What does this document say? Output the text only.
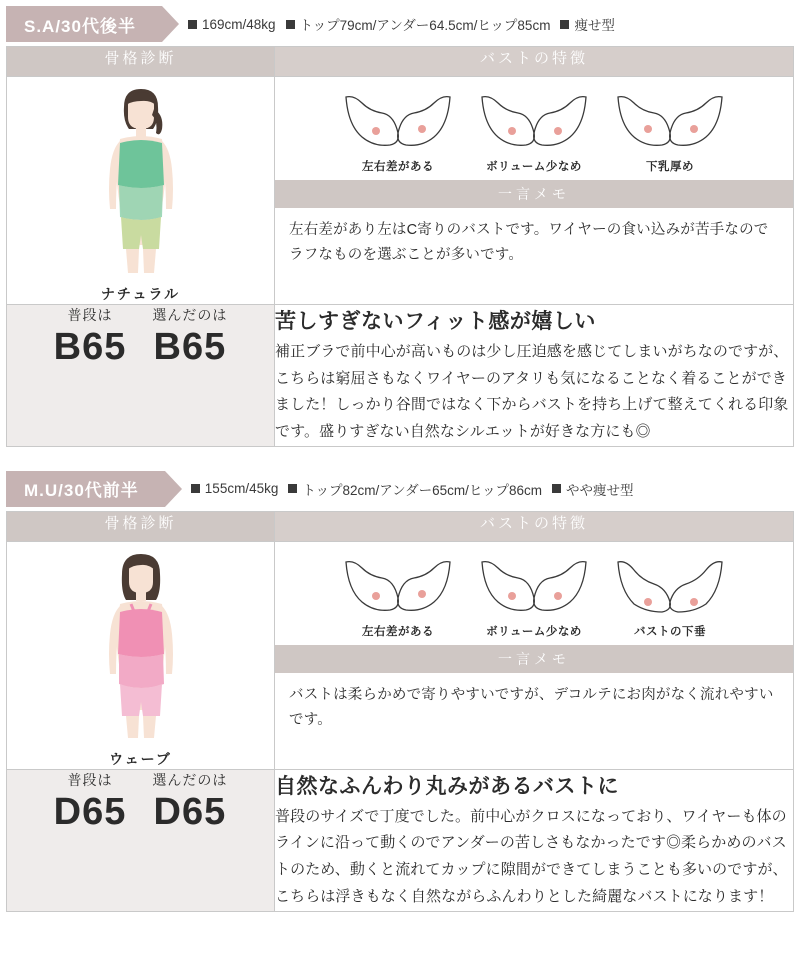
S.A/30代後半	169cm/48kg トップ79cm/アンダー64.5cm/ヒップ85cm 痩せ型
骨格診断	バストの特徴

ナチュラル	左右差がある ボリューム少なめ 下乳厚め
一言メモ
左右差があり左はC寄りのバストです。ワイヤーの食い込みが苦手なのでラフなものを選ぶことが多いです。

普段は
B65
選んだのは
B65

苦しすぎないフィット感が嬉しい
補正ブラで前中心が高いものは少し圧迫感を感じてしまいがちなのですが、こちらは窮屈さもなくワイヤーのアタリも気になることなく着ることができました！しっかり谷間ではなく下からバストを持ち上げて整えてくれる印象です。盛りすぎない自然なシルエットが好きな方にも◎
M.U/30代前半	155cm/45kg トップ82cm/アンダー65cm/ヒップ86cm やや痩せ型
骨格診断	バストの特徴

ウェーブ	左右差がある ボリューム少なめ バストの下垂
一言メモ
バストは柔らかめで寄りやすいですが、デコルテにお肉がなく流れやすいです。

普段は
D65
選んだのは
D65

自然なふんわり丸みがあるバストに
普段のサイズで丁度でした。前中心がクロスになっており、ワイヤーも体のラインに沿って動くのでアンダーの苦しさもなかったです◎柔らかめのバストのため、動くと流れてカップに隙間ができてしまうことも多いのですが、こちらは浮きもなく自然ながらふんわりとした綺麗なバストになります！
